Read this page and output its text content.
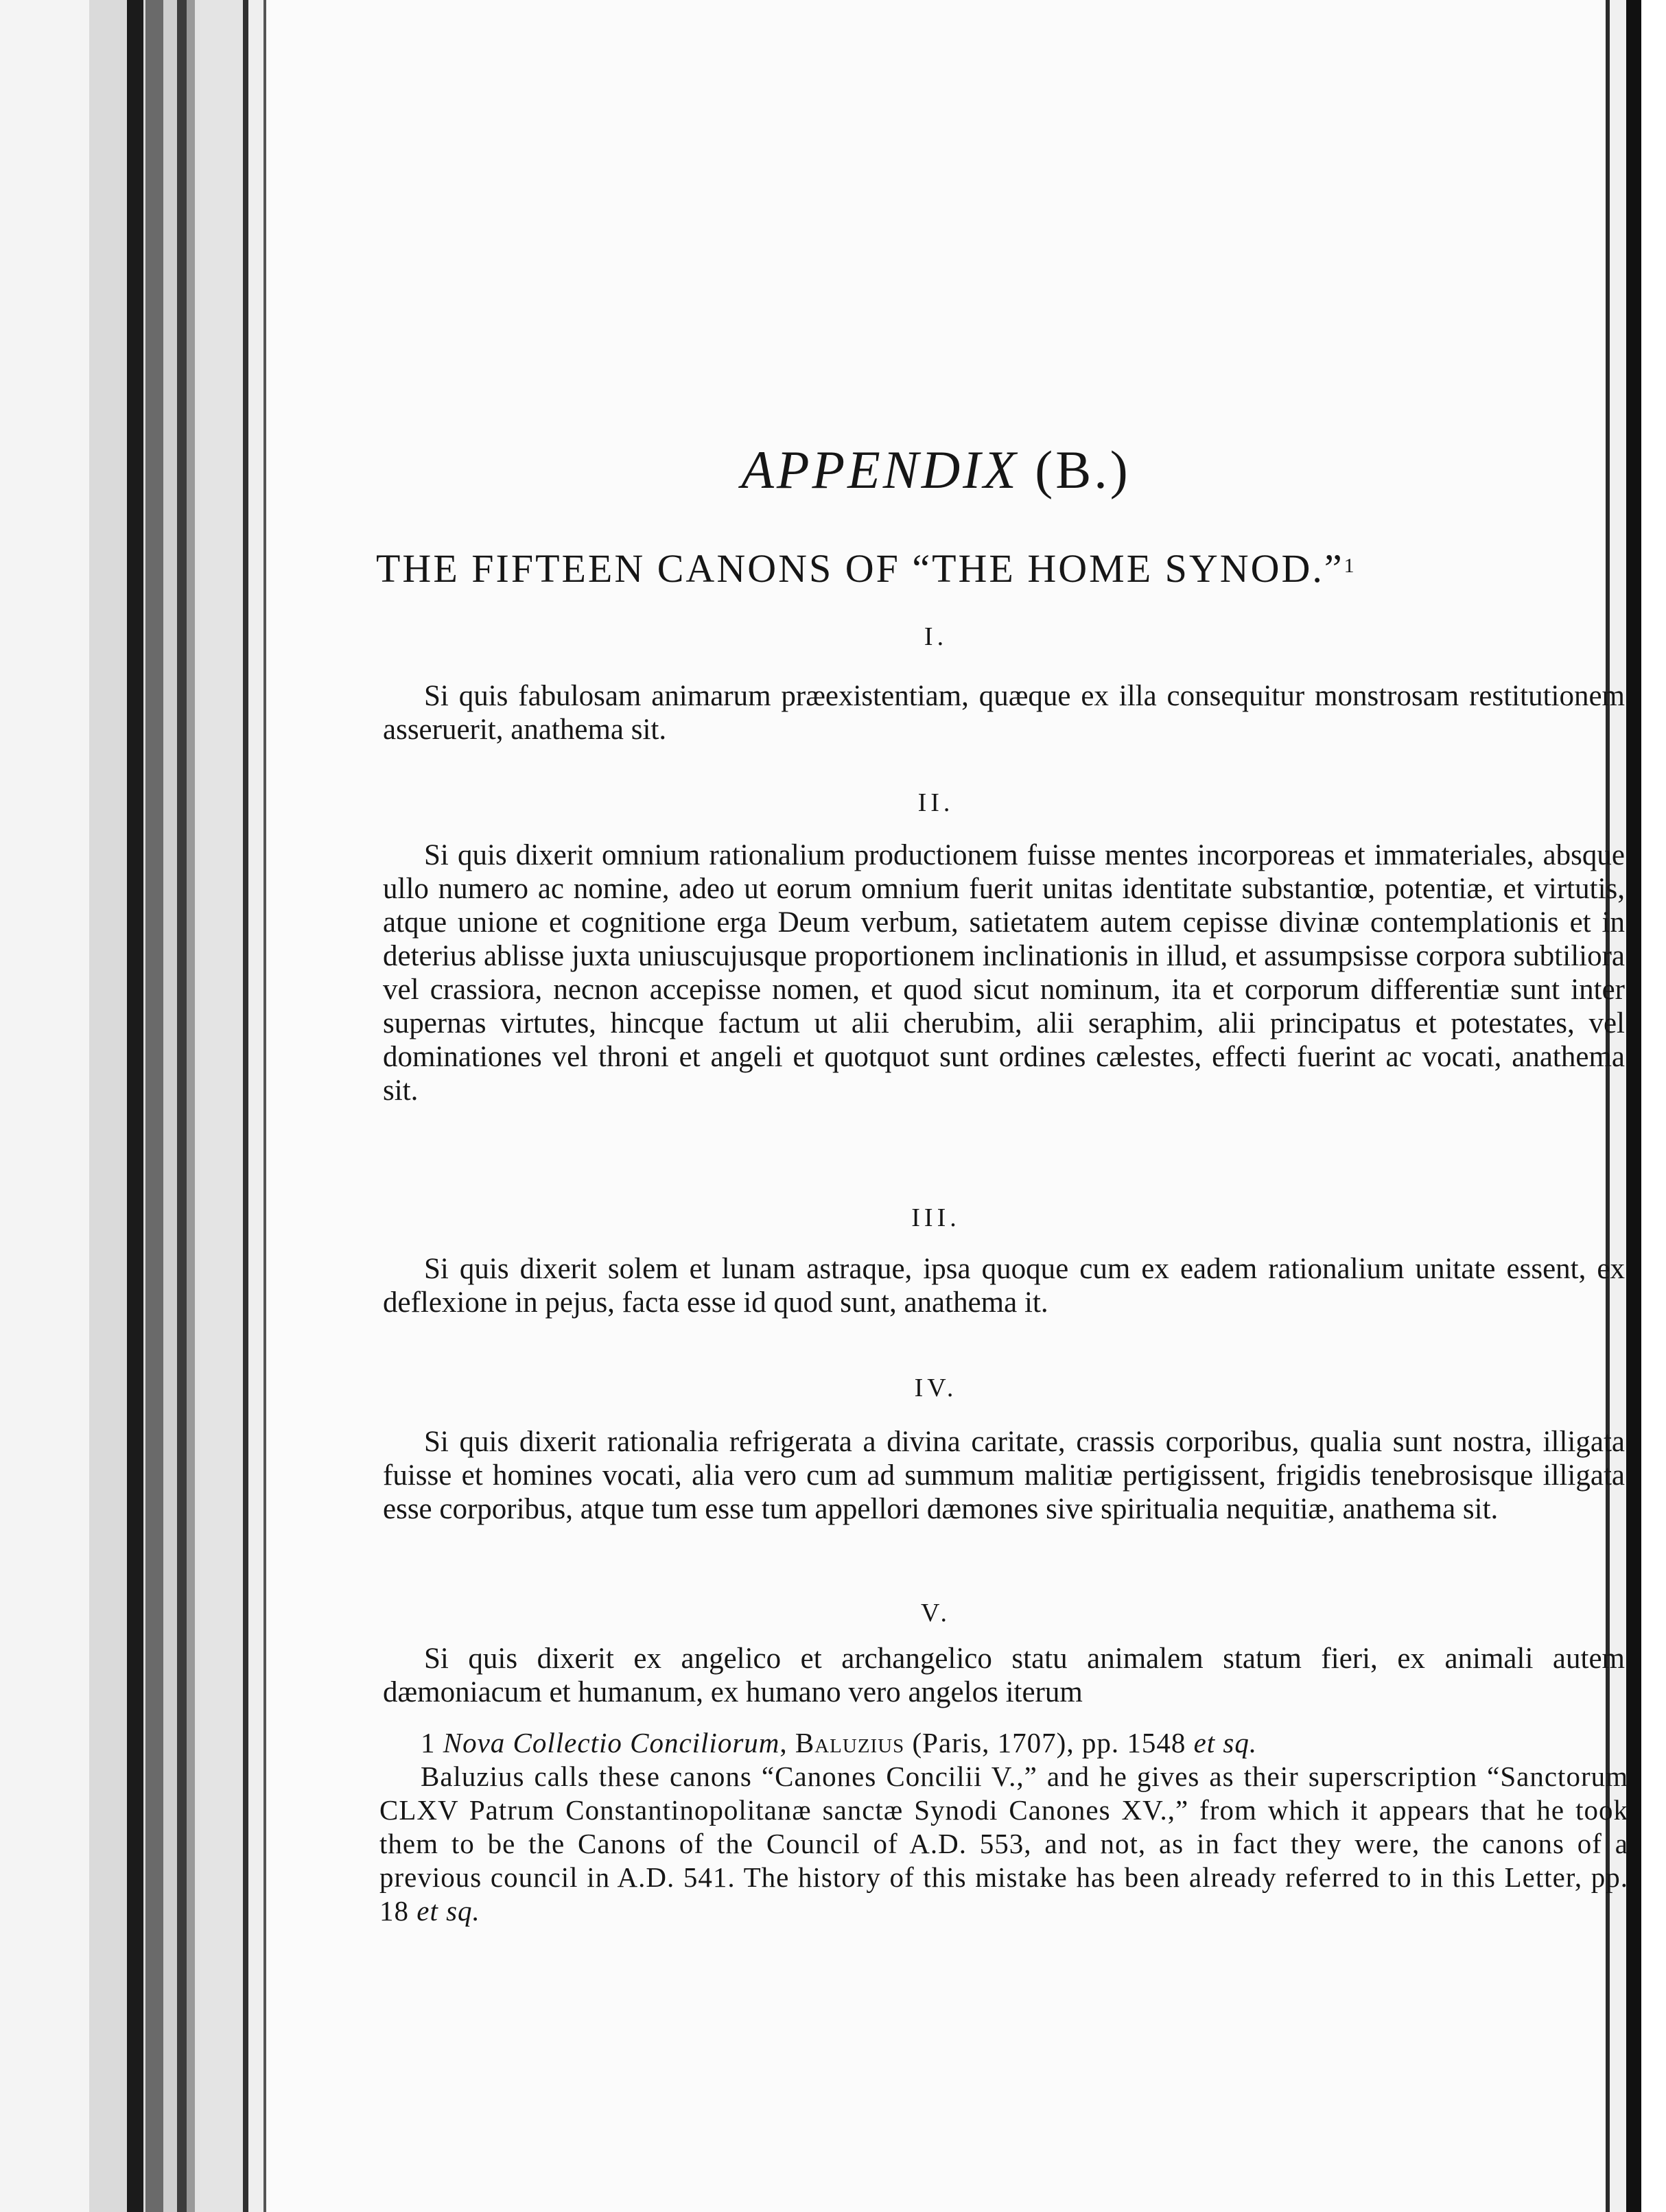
APPENDIX (B.)
THE FIFTEEN CANONS OF “THE HOME SYNOD.”$^1$
I.

Si quis fabulosam animarum præexistentiam, quæque ex illa consequitur monstrosam restitutionem asseruerit, anathema sit.

II.

Si quis dixerit omnium rationalium productionem fuisse mentes incorporeas et immateriales, absque ullo numero ac nomine, adeo ut eorum omnium fuerit unitas identitate substantiœ, potentiæ, et virtutis, atque unione et cognitione erga Deum verbum, satietatem autem cepisse divinæ contemplationis et in deterius ablisse juxta uniuscujusque proportionem inclinationis in illud, et assumpsisse corpora subtiliora vel crassiora, necnon accepisse nomen, et quod sicut nominum, ita et corporum differentiæ sunt inter supernas virtutes, hincque factum ut alii cherubim, alii seraphim, alii principatus et potestates, vel dominationes vel throni et angeli et quotquot sunt ordines cælestes, effecti fuerint ac vocati, anathema sit.

III.

Si quis dixerit solem et lunam astraque, ipsa quoque cum ex eadem rationalium unitate essent, ex deflexione in pejus, facta esse id quod sunt, anathema it.

IV.

Si quis dixerit rationalia refrigerata a divina caritate, crassis corporibus, qualia sunt nostra, illigata fuisse et homines vocati, alia vero cum ad summum malitiæ pertigissent, frigidis tenebrosisque illigata esse corporibus, atque tum esse tum appellori dæmones sive spiritualia nequitiæ, anathema sit.

V.

Si quis dixerit ex angelico et archangelico statu animalem statum fieri, ex animali autem dæmoniacum et humanum, ex humano vero angelos iterum

1 Nova Collectio Conciliorum, Baluzius (Paris, 1707), pp. 1548 et sq.

Baluzius calls these canons “Canones Concilii V.,” and he gives as their superscription “Sanctorum CLXV Patrum Constantinopolitanæ sanctæ Synodi Canones XV.,” from which it appears that he took them to be the Canons of the Council of A.D. 553, and not, as in fact they were, the canons of a previous council in A.D. 541. The history of this mistake has been already referred to in this Letter, pp. 18 et sq.
